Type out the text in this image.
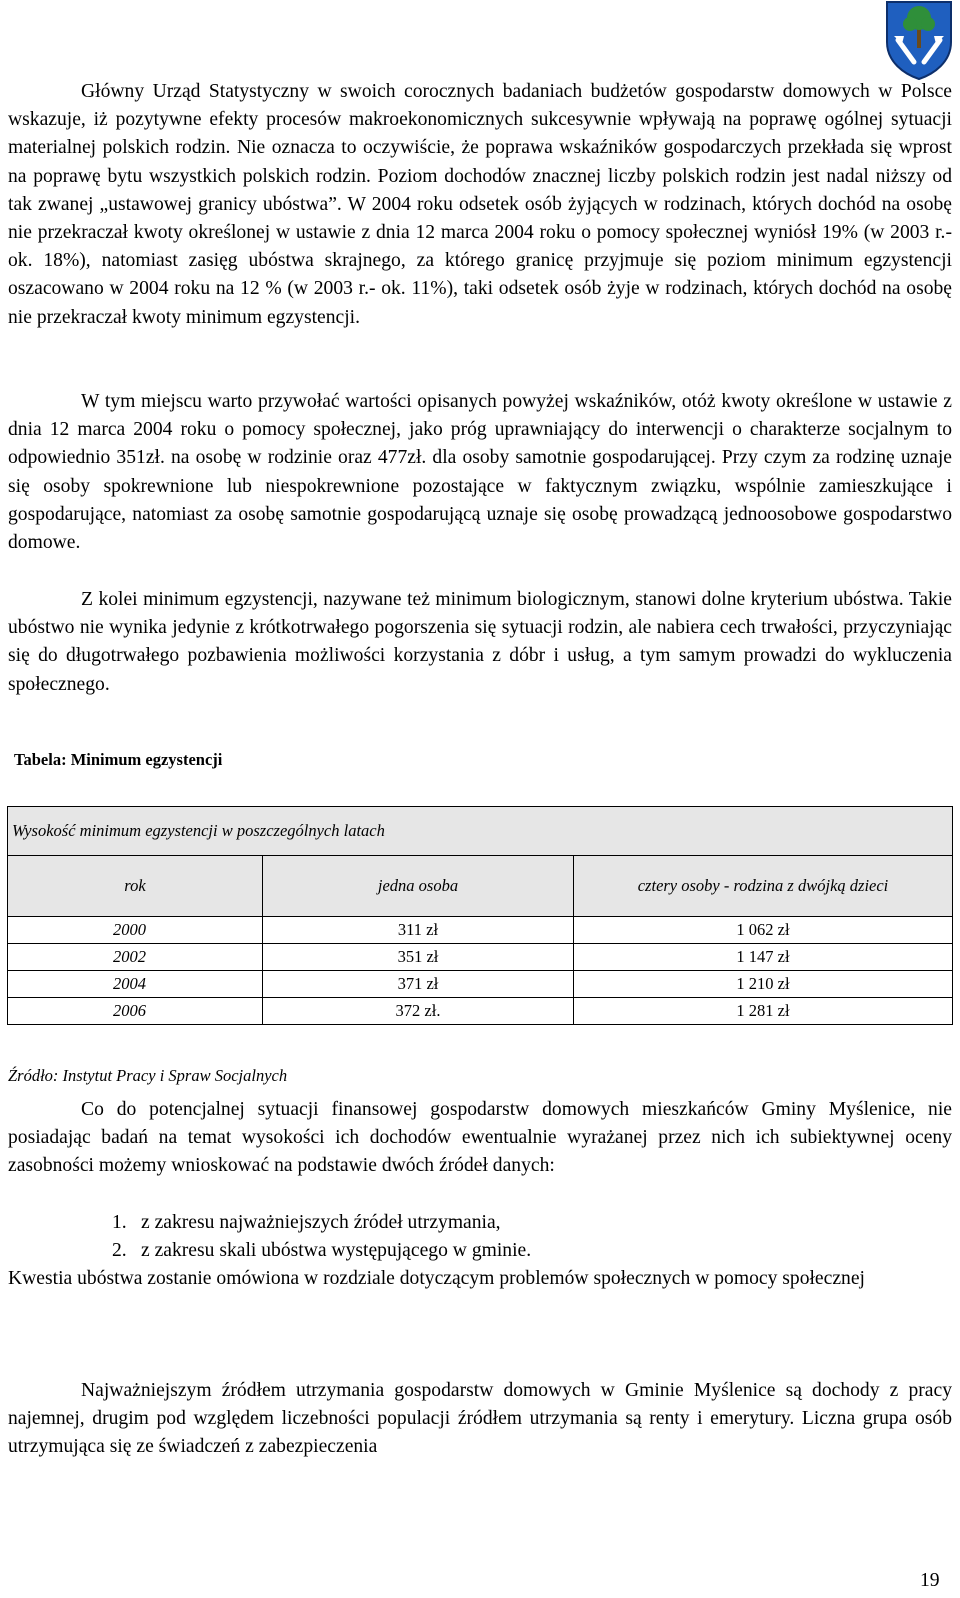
Główny Urząd Statystyczny w swoich corocznych badaniach budżetów gospodarstw domowych w Polsce wskazuje, iż pozytywne efekty procesów makroekonomicznych sukcesywnie wpływają na poprawę ogólnej sytuacji materialnej polskich rodzin. Nie oznacza to oczywiście, że poprawa wskaźników gospodarczych przekłada się wprost na poprawę bytu wszystkich polskich rodzin. Poziom dochodów znacznej liczby polskich rodzin jest nadal niższy od tak zwanej „ustawowej granicy ubóstwa”. W 2004 roku odsetek osób żyjących w rodzinach, których dochód na osobę nie przekraczał kwoty określonej w ustawie z dnia 12 marca 2004 roku o pomocy społecznej wyniósł 19% (w 2003 r.- ok. 18%), natomiast zasięg ubóstwa skrajnego, za którego granicę przyjmuje się poziom minimum egzystencji oszacowano w 2004 roku na 12 % (w 2003 r.- ok. 11%), taki odsetek osób żyje w rodzinach, których dochód na osobę nie przekraczał kwoty minimum egzystencji.

W tym miejscu warto przywołać wartości opisanych powyżej wskaźników, otóż kwoty określone w ustawie z dnia 12 marca 2004 roku o pomocy społecznej, jako próg uprawniający do interwencji o charakterze socjalnym to odpowiednio 351zł. na osobę w rodzinie oraz 477zł. dla osoby samotnie gospodarującej. Przy czym za rodzinę uznaje się osoby spokrewnione lub niespokrewnione pozostające w faktycznym związku, wspólnie zamieszkujące i gospodarujące, natomiast za osobę samotnie gospodarującą uznaje się osobę prowadzącą jednoosobowe gospodarstwo domowe.

Z kolei minimum egzystencji, nazywane też minimum biologicznym, stanowi dolne kryterium ubóstwa. Takie ubóstwo nie wynika jedynie z krótkotrwałego pogorszenia się sytuacji rodzin, ale nabiera cech trwałości, przyczyniając się do długotrwałego pozbawienia możliwości korzystania z dóbr i usług, a tym samym prowadzi do wykluczenia społecznego.

Tabela: Minimum egzystencji
Wysokość minimum egzystencji w poszczególnych latach		
rok	jedna osoba	cztery osoby - rodzina z dwójką dzieci
2000	311 zł	1 062 zł
2002	351 zł	1 147 zł
2004	371 zł	1 210 zł
2006	372 zł.	1 281 zł
Źródło: Instytut Pracy i Spraw Socjalnych

Co do potencjalnej sytuacji finansowej gospodarstw domowych mieszkańców Gminy Myślenice, nie posiadając badań na temat wysokości ich dochodów ewentualnie wyrażanej przez nich ich subiektywnej oceny zasobności możemy wnioskować na podstawie dwóch źródeł danych:

1. z zakresu najważniejszych źródeł utrzymania,
2. z zakresu skali ubóstwa występującego w gminie.

Kwestia ubóstwa zostanie omówiona w rozdziale dotyczącym problemów społecznych w pomocy społecznej

Najważniejszym źródłem utrzymania gospodarstw domowych w Gminie Myślenice są dochody z pracy najemnej, drugim pod względem liczebności populacji źródłem utrzymania są renty i emerytury. Liczna grupa osób utrzymująca się ze świadczeń z zabezpieczenia

19
